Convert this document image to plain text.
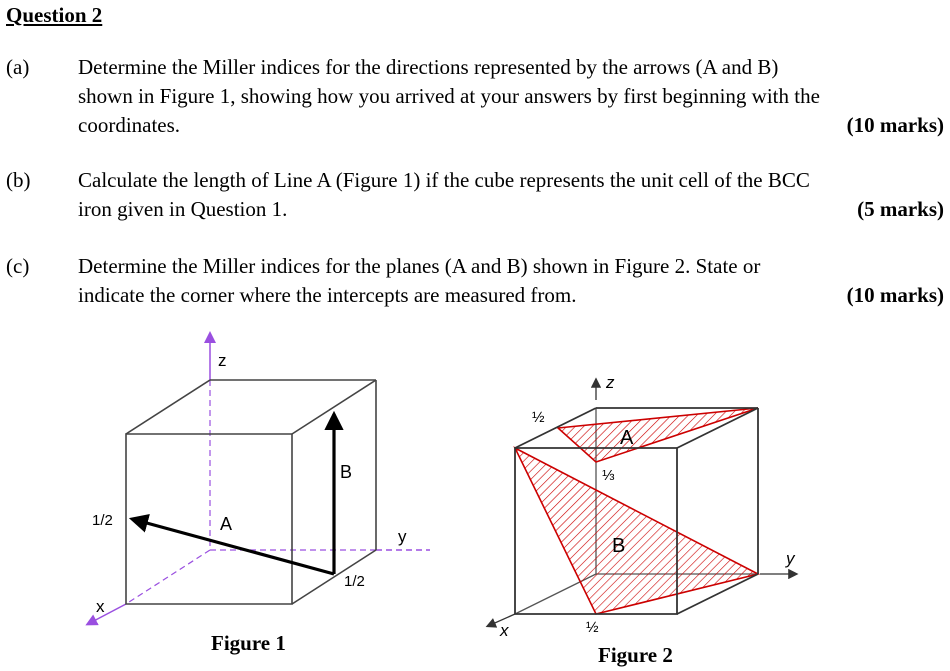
Question 2
(a) Determine the Miller indices for the directions represented by the arrows (A and B)
shown in Figure 1, showing how you arrived at your answers by first beginning with the
coordinates.	(10 marks)
(b) Calculate the length of Line A (Figure 1) if the cube represents the unit cell of the BCC
iron given in Question 1.	(5 marks)
(c) Determine the Miller indices for the planes (A and B) shown in Figure 2. State or
indicate the corner where the intercepts are measured from.	(10 marks)
z
x
y
A
B
1/2
1/2
Figure 1
z
y
x
A
B
½
⅓
½
Figure 2
